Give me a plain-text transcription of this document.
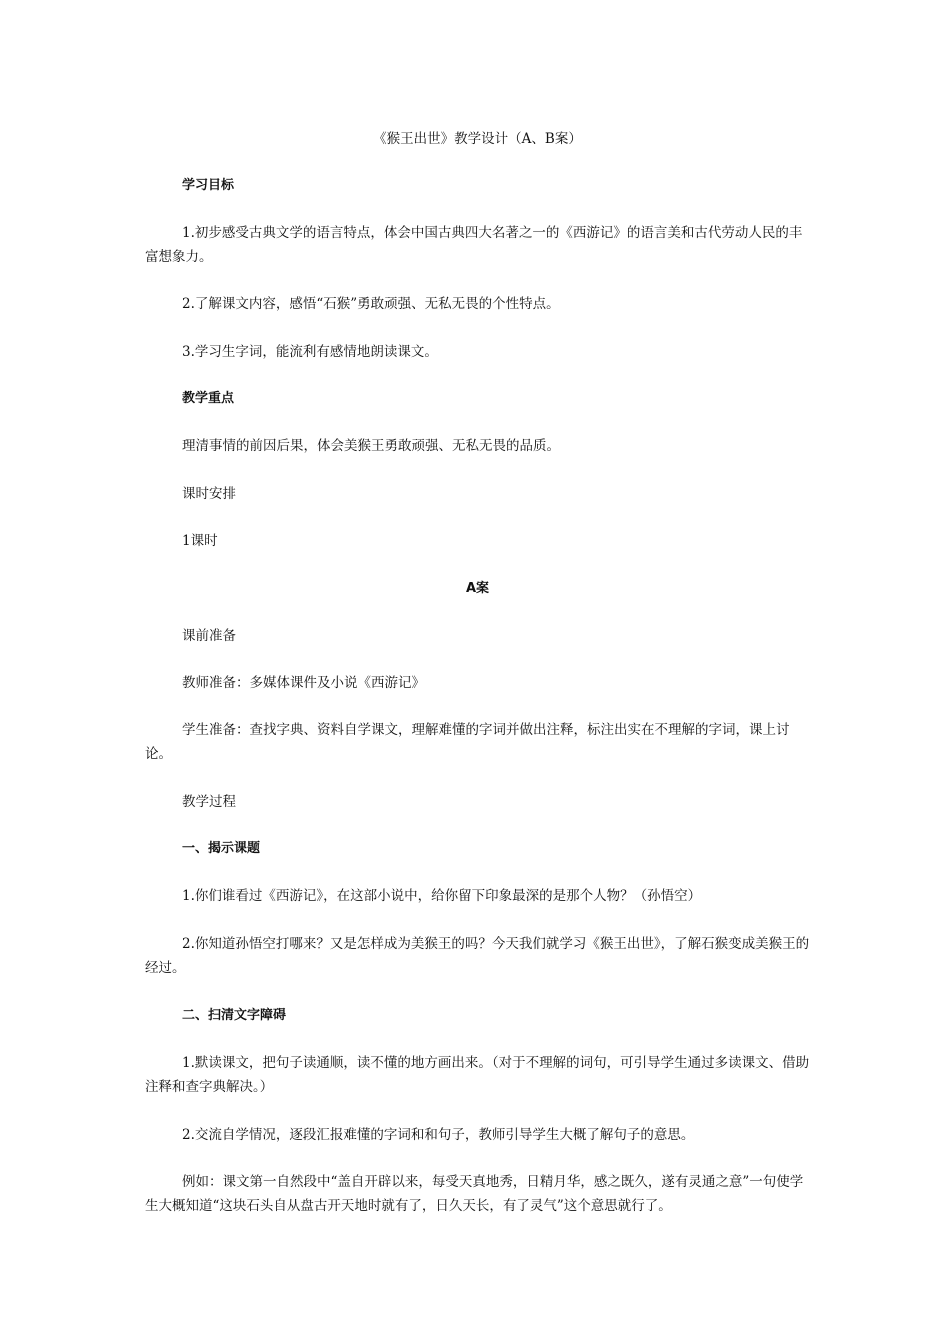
《猴王出世》教学设计（A、B案）

学习目标

1.初步感受古典文学的语言特点，体会中国古典四大名著之一的《西游记》的语言美和古代劳动人民的丰富想象力。

2.了解课文内容，感悟“石猴”勇敢顽强、无私无畏的个性特点。

3.学习生字词，能流利有感情地朗读课文。

教学重点

理清事情的前因后果，体会美猴王勇敢顽强、无私无畏的品质。

课时安排

1课时

A案

课前准备

教师准备：多媒体课件及小说《西游记》

学生准备：查找字典、资料自学课文，理解难懂的字词并做出注释，标注出实在不理解的字词，课上讨论。

教学过程

一、揭示课题

1.你们谁看过《西游记》，在这部小说中，给你留下印象最深的是那个人物？（孙悟空）

2.你知道孙悟空打哪来？又是怎样成为美猴王的吗？今天我们就学习《猴王出世》，了解石猴变成美猴王的经过。

二、扫清文字障碍

1.默读课文，把句子读通顺，读不懂的地方画出来。（对于不理解的词句，可引导学生通过多读课文、借助注释和查字典解决。）

2.交流自学情况，逐段汇报难懂的字词和和句子，教师引导学生大概了解句子的意思。

例如：课文第一自然段中“盖自开辟以来，每受天真地秀，日精月华，感之既久，遂有灵通之意”一句使学生大概知道“这块石头自从盘古开天地时就有了，日久天长，有了灵气”这个意思就行了。
